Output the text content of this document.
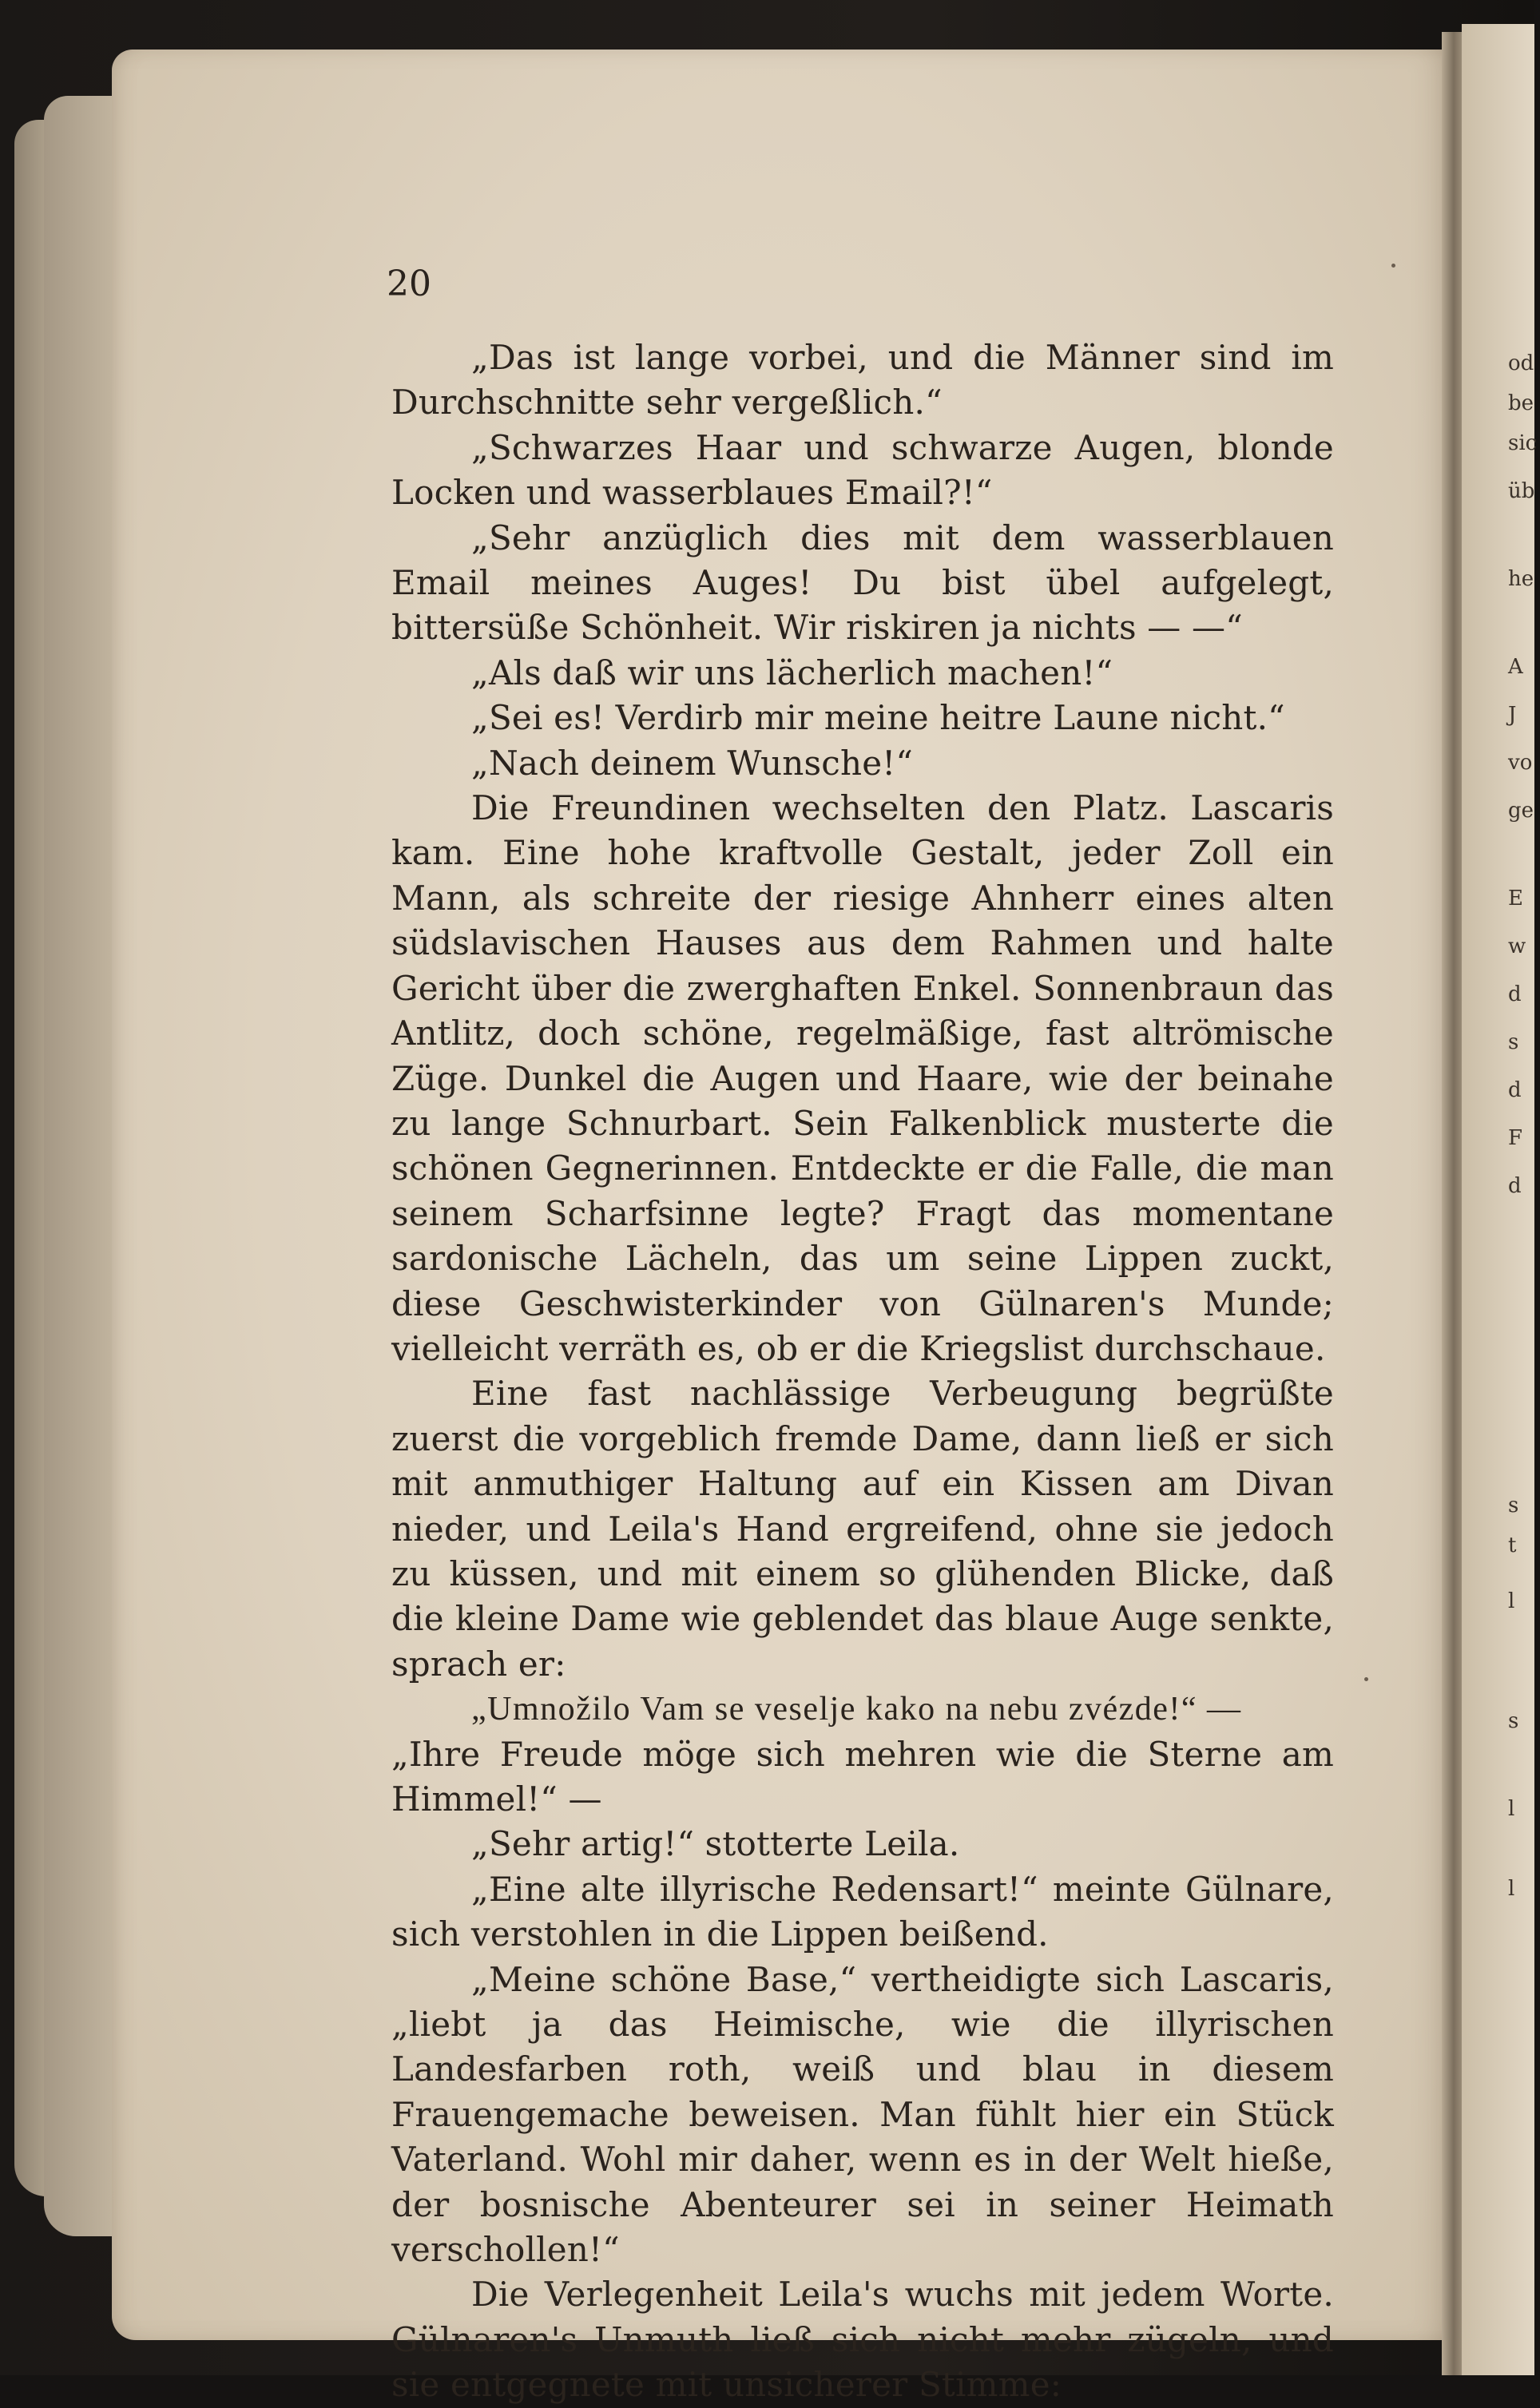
od
be
sic
üb
he
A
J
vo
ge
E
w
d
s
d
F
d
s
t
l
s
l
l
20

„Das ist lange vorbei, und die Männer sind im Durchschnitte sehr vergeßlich.“

„Schwarzes Haar und schwarze Augen, blonde Locken und wasserblaues Email?!“

„Sehr anzüglich dies mit dem wasserblauen Email meines Auges! Du bist übel aufgelegt, bittersüße Schönheit. Wir riskiren ja nichts — —“

„Als daß wir uns lächerlich machen!“

„Sei es! Verdirb mir meine heitre Laune nicht.“

„Nach deinem Wunsche!“

Die Freundinen wechselten den Platz. Lascaris kam. Eine hohe kraftvolle Gestalt, jeder Zoll ein Mann, als schreite der riesige Ahnherr eines alten südslavischen Hauses aus dem Rahmen und halte Gericht über die zwerghaften Enkel. Sonnenbraun das Antlitz, doch schöne, regelmäßige, fast altrömische Züge. Dunkel die Augen und Haare, wie der beinahe zu lange Schnurbart. Sein Falkenblick musterte die schönen Gegnerinnen. Entdeckte er die Falle, die man seinem Scharfsinne legte? Fragt das momentane sardonische Lächeln, das um seine Lippen zuckt, diese Geschwisterkinder von Gülnaren's Munde; vielleicht verräth es, ob er die Kriegslist durchschaue.

Eine fast nachlässige Verbeugung begrüßte zuerst die vorgeblich fremde Dame, dann ließ er sich mit anmuthiger Haltung auf ein Kissen am Divan nieder, und Leila's Hand ergreifend, ohne sie jedoch zu küssen, und mit einem so glühenden Blicke, daß die kleine Dame wie geblendet das blaue Auge senkte, sprach er:

„Umnožilo Vam se veselje kako na nebu zvézde!“ —

„Ihre Freude möge sich mehren wie die Sterne am Himmel!“ —

„Sehr artig!“ stotterte Leila.

„Eine alte illyrische Redensart!“ meinte Gülnare, sich verstohlen in die Lippen beißend.

„Meine schöne Base,“ vertheidigte sich Lascaris, „liebt ja das Heimische, wie die illyrischen Landesfarben roth, weiß und blau in diesem Frauengemache beweisen. Man fühlt hier ein Stück Vaterland. Wohl mir daher, wenn es in der Welt hieße, der bosnische Abenteurer sei in seiner Heimath verschollen!“

Die Verlegenheit Leila's wuchs mit jedem Worte. Gülnaren's Unmuth ließ sich nicht mehr zügeln, und sie entgegnete mit unsicherer Stimme:
